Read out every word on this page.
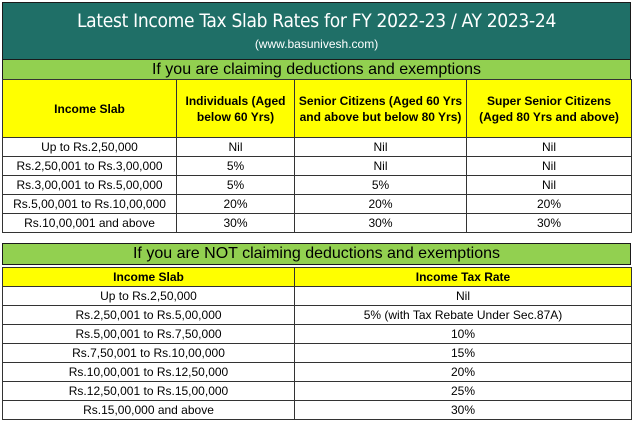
Latest Income Tax Slab Rates for FY 2022-23 / AY 2023-24
(www.basunivesh.com)
If you are claiming deductions and exemptions
Income Slab	Individuals (Aged below 60 Yrs)	Senior Citizens (Aged 60 Yrs and above but below 80 Yrs)	Super Senior Citizens (Aged 80 Yrs and above)
Up to Rs.2,50,000	Nil	Nil	Nil
Rs.2,50,001 to Rs.3,00,000	5%	Nil	Nil
Rs.3,00,001 to Rs.5,00,000	5%	5%	Nil
Rs.5,00,001 to Rs.10,00,000	20%	20%	20%
Rs.10,00,001 and above	30%	30%	30%
If you are NOT claiming deductions and exemptions
Income Slab	Income Tax Rate
Up to Rs.2,50,000	Nil
Rs.2,50,001 to Rs.5,00,000	5% (with Tax Rebate Under Sec.87A)
Rs.5,00,001 to Rs.7,50,000	10%
Rs.7,50,001 to Rs.10,00,000	15%
Rs.10,00,001 to Rs.12,50,000	20%
Rs.12,50,001 to Rs.15,00,000	25%
Rs.15,00,000 and above	30%
